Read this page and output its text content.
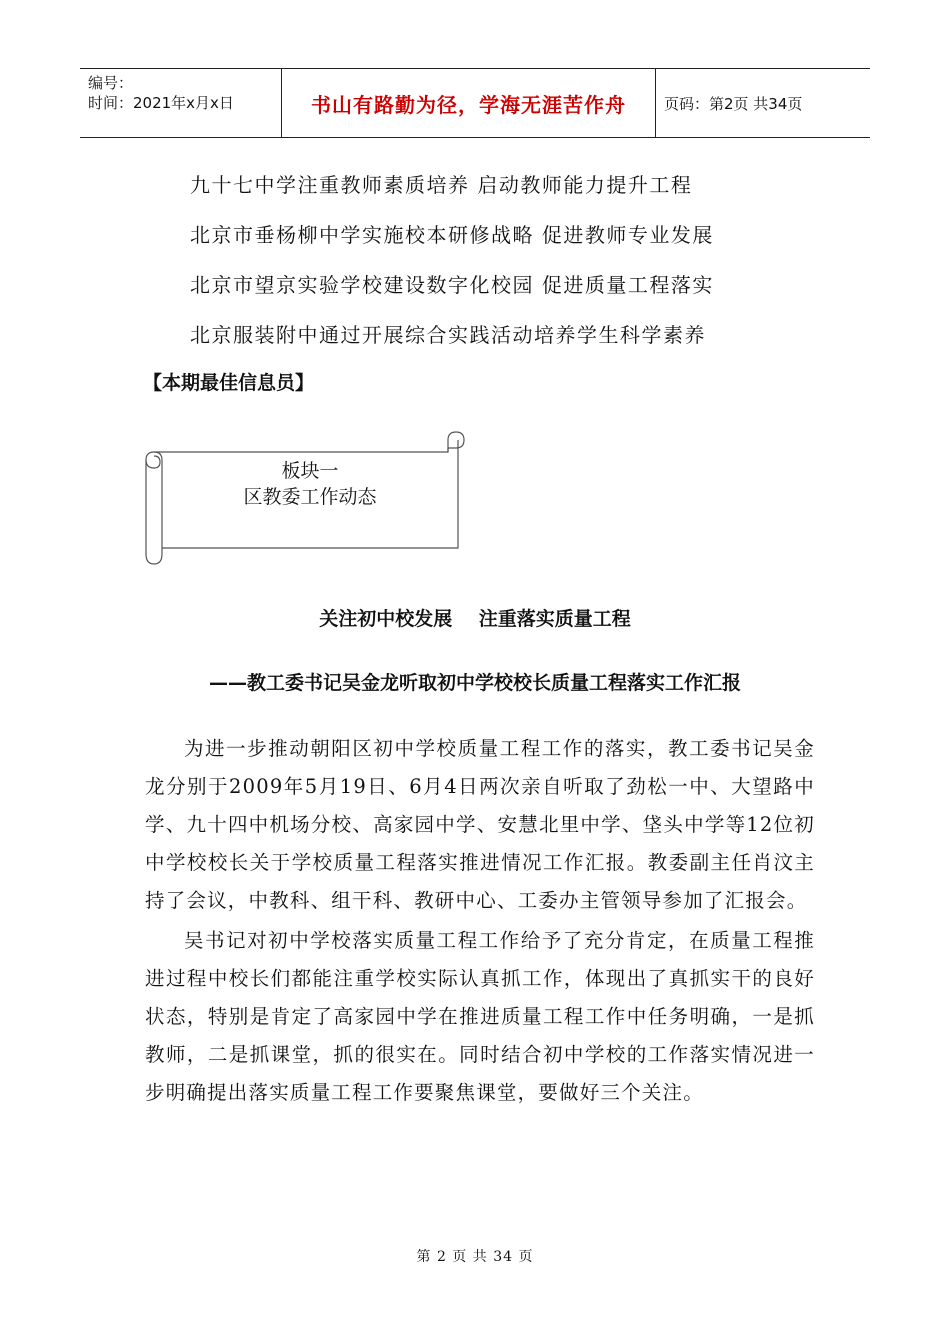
编号：
时间：2021年x月x日	书山有路勤为径，学海无涯苦作舟	页码：第2页 共34页
九十七中学注重教师素质培养 启动教师能力提升工程
北京市垂杨柳中学实施校本研修战略 促进教师专业发展
北京市望京实验学校建设数字化校园 促进质量工程落实
北京服装附中通过开展综合实践活动培养学生科学素养
【本期最佳信息员】
板块一
区教委工作动态
关注初中校发展    注重落实质量工程
——教工委书记吴金龙听取初中学校校长质量工程落实工作汇报

为进一步推动朝阳区初中学校质量工程工作的落实，教工委书记吴金龙分别于2009年5月19日、6月4日两次亲自听取了劲松一中、大望路中学、九十四中机场分校、高家园中学、安慧北里中学、垡头中学等12位初中学校校长关于学校质量工程落实推进情况工作汇报。教委副主任肖汶主持了会议，中教科、组干科、教研中心、工委办主管领导参加了汇报会。

吴书记对初中学校落实质量工程工作给予了充分肯定，在质量工程推进过程中校长们都能注重学校实际认真抓工作，体现出了真抓实干的良好状态，特别是肯定了高家园中学在推进质量工程工作中任务明确，一是抓教师，二是抓课堂，抓的很实在。同时结合初中学校的工作落实情况进一步明确提出落实质量工程工作要聚焦课堂，要做好三个关注。

第 2 页 共 34 页
